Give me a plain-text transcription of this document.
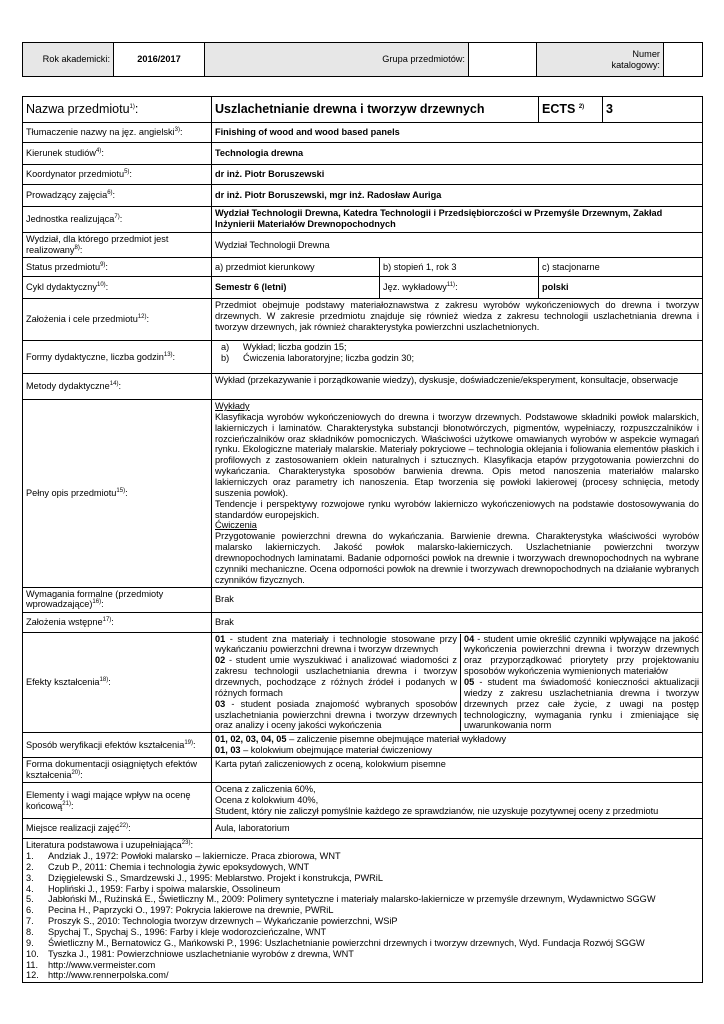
Rok akademicki:	2016/2017	Grupa przedmiotów:		Numer katalogowy:	
Nazwa przedmiotu$^{1)}$:	Uszlachetnianie drewna i tworzyw drzewnych	ECTS $^{2)}$	3
Tłumaczenie nazwy na jęz. angielski$^{3)}$:	Finishing of wood and wood based panels
Kierunek studiów$^{4)}$:	Technologia drewna
Koordynator przedmiotu$^{5)}$:	dr inż. Piotr Boruszewski
Prowadzący zajęcia$^{6)}$:	dr inż. Piotr Boruszewski, mgr inż. Radosław Auriga
Jednostka realizująca$^{7)}$:	Wydział Technologii Drewna, Katedra Technologii i Przedsiębiorczości w Przemyśle Drzewnym, Zakład Inżynierii Materiałów Drewnopochodnych
Wydział, dla którego przedmiot jest realizowany$^{8)}$:	Wydział Technologii Drewna
Status przedmiotu$^{9)}$:	a) przedmiot kierunkowy	b) stopień 1, rok 3	c) stacjonarne
Cykl dydaktyczny$^{10)}$:	Semestr 6 (letni)	Jęz. wykładowy$^{11)}$:	polski
Założenia i cele przedmiotu$^{12)}$:	Przedmiot obejmuje podstawy materiałoznawstwa z zakresu wyrobów wykończeniowych do drewna i tworzyw drzewnych. W zakresie przedmiotu znajduje się również wiedza z zakresu technologii uszlachetniania drewna i tworzyw drzewnych, jak również charakterystyka powierzchni uszlachetnionych.
Formy dydaktyczne, liczba godzin$^{13)}$:	
a)	Wykład; liczba godzin 15;
b)	Ćwiczenia laboratoryjne; liczba godzin 30;

Metody dydaktyczne$^{14)}$:	Wykład (przekazywanie i porządkowanie wiedzy), dyskusje, doświadczenie/eksperyment, konsultacje, obserwacje
Pełny opis przedmiotu$^{15)}$:	
Wykłady
Klasyfikacja wyrobów wykończeniowych do drewna i tworzyw drzewnych. Podstawowe składniki powłok malarskich, lakierniczych i laminatów. Charakterystyka substancji błonotwórczych, pigmentów, wypełniaczy, rozpuszczalników i rozcieńczalników oraz składników pomocniczych. Właściwości użytkowe omawianych wyrobów w aspekcie wymagań rynku. Ekologiczne materiały malarskie. Materiały pokryciowe – technologia oklejania i foliowania elementów płaskich i profilowych z zastosowaniem oklein naturalnych i sztucznych. Klasyfikacja etapów przygotowania powierzchni do wykańczania. Charakterystyka sposobów barwienia drewna. Opis metod nanoszenia materiałów malarsko lakierniczych oraz parametry ich nanoszenia. Etap tworzenia się powłoki lakierowej (procesy schnięcia, metody suszenia powłok).
Tendencje i perspektywy rozwojowe rynku wyrobów lakierniczo wykończeniowych na podstawie dostosowywania do standardów europejskich.
Ćwiczenia
Przygotowanie powierzchni drewna do wykańczania. Barwienie drewna. Charakterystyka właściwości wyrobów malarsko lakierniczych. Jakość powłok malarsko-lakierniczych. Uszlachetnianie powierzchni tworzyw drewnopochodnych laminatami. Badanie odporności powłok na drewnie i tworzywach drewnopochodnych na wybrane czynniki mechaniczne. Ocena odporności powłok na drewnie i tworzywach drewnopochodnych na działanie wybranych czynników fizycznych.

Wymagania formalne (przedmioty wprowadzające)$^{16)}$:	Brak
Założenia wstępne$^{17)}$:	Brak
Efekty kształcenia$^{18)}$:	
01 - student zna materiały i technologie stosowane przy wykańczaniu powierzchni drewna i tworzyw drzewnych
02 - student umie wyszukiwać i analizować wiadomości z zakresu technologii uszlachetniania drewna i tworzyw drzewnych, pochodzące z różnych źródeł i podanych w różnych formach
03 - student posiada znajomość wybranych sposobów uszlachetniania powierzchni drewna i tworzyw drzewnych oraz analizy i oceny jakości wykończenia

04 - student umie określić czynniki wpływające na jakość wykończenia powierzchni drewna i tworzyw drzewnych oraz przyporządkować priorytety przy projektowaniu sposobów wykończenia wymienionych materiałów
05 - student ma świadomość konieczności aktualizacji wiedzy z zakresu uszlachetniania drewna i tworzyw drzewnych przez całe życie, z uwagi na postęp technologiczny, wymagania rynku i zmieniające się uwarunkowania norm

Sposób weryfikacji efektów kształcenia$^{19)}$:	
01, 02, 03, 04, 05 – zaliczenie pisemne obejmujące materiał wykładowy
01, 03 – kolokwium obejmujące materiał ćwiczeniowy

Forma dokumentacji osiągniętych efektów kształcenia$^{20)}$:	Karta pytań zaliczeniowych z oceną, kolokwium pisemne
Elementy i wagi mające wpływ na ocenę końcową$^{21)}$:	
Ocena z zaliczenia 60%,
Ocena z kolokwium 40%,
Student, który nie zaliczył pomyślnie każdego ze sprawdzianów, nie uzyskuje pozytywnej oceny z przedmiotu

Miejsce realizacji zajęć$^{22)}$:	Aula, laboratorium

Literatura podstawowa i uzupełniająca$^{23)}$:
1.	Andziak J., 1972: Powłoki malarsko – lakiernicze. Praca zbiorowa, WNT
2.	Czub P., 2011: Chemia i technologia żywic epoksydowych, WNT
3.	Dzięgielewski S., Smardzewski J., 1995: Meblarstwo. Projekt i konstrukcja, PWRiL
4.	Hopliński J., 1959: Farby i spoiwa malarskie, Ossolineum
5.	Jabłoński M., Rużinská E., Świetliczny M., 2009: Polimery syntetyczne i materiały malarsko-lakiernicze w przemyśle drzewnym, Wydawnictwo SGGW
6.	Pecina H., Paprzycki O., 1997: Pokrycia lakierowe na drewnie, PWRiL
7.	Proszyk S., 2010: Technologia tworzyw drzewnych – Wykańczanie powierzchni, WSiP
8.	Spychaj T., Spychaj S., 1996: Farby i kleje wodorozcieńczalne, WNT
9.	Świetliczny M., Bernatowicz G., Mańkowski P., 1996: Uszlachetnianie powierzchni drzewnych i tworzyw drzewnych, Wyd. Fundacja Rozwój SGGW
10.	Tyszka J., 1981: Powierzchniowe uszlachetnianie wyrobów z drewna, WNT
11.	http://www.vermeister.com
12.	http://www.rennerpolska.com/
